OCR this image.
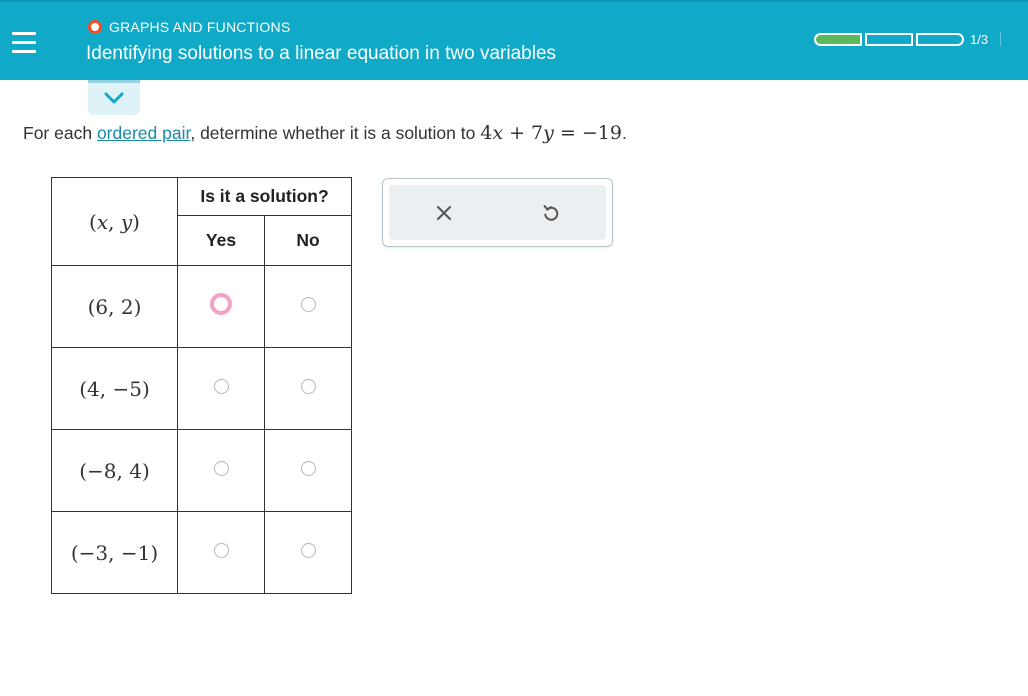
GRAPHS AND FUNCTIONS
Identifying solutions to a linear equation in two variables
1/3
For each ordered pair, determine whether it is a solution to 4x + 7y = −19.
(x, y)	Is it a solution?	
	Yes	No
(6, 2)		
(4, −5)		
(−8, 4)		
(−3, −1)		
